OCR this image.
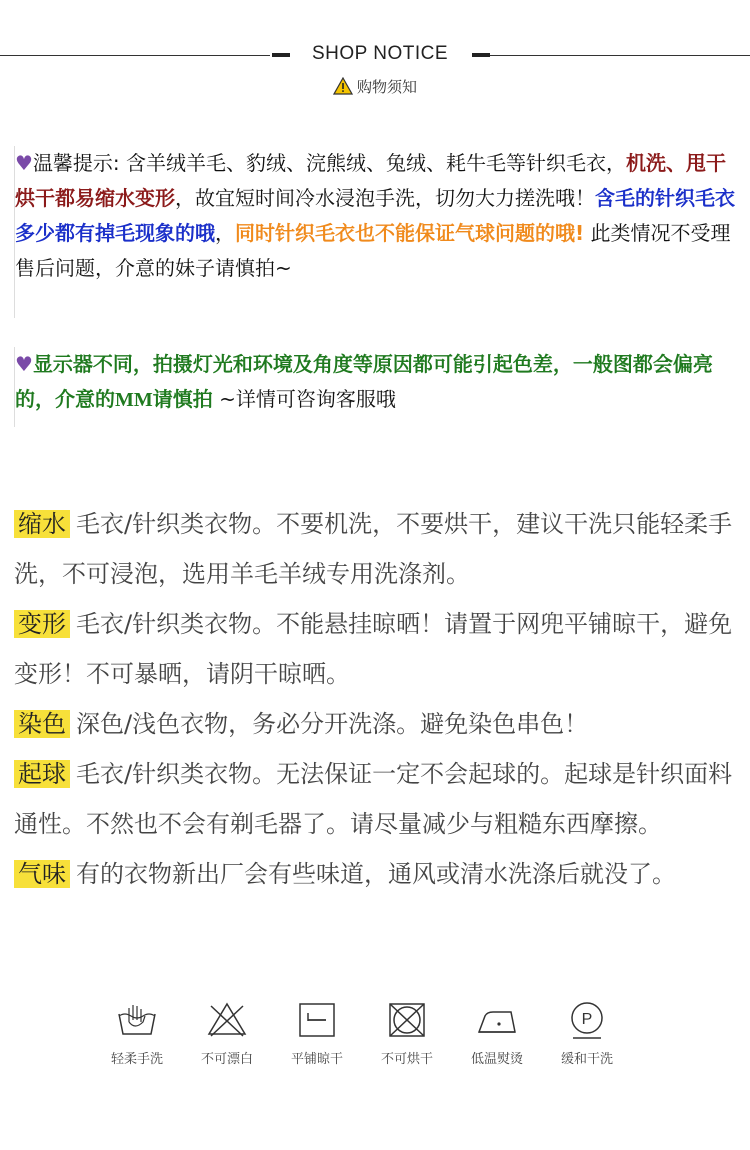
SHOP NOTICE
购物须知
♥温馨提示: 含羊绒羊毛、豹绒、浣熊绒、兔绒、耗牛毛等针织毛衣，机洗、甩干烘干都易缩水变形，故宜短时间冷水浸泡手洗，切勿大力搓洗哦！含毛的针织毛衣多少都有掉毛现象的哦，同时针织毛衣也不能保证气球问题的哦! 此类情况不受理售后问题，介意的妹子请慎拍~
♥显示器不同，拍摄灯光和环境及角度等原因都可能引起色差，一般图都会偏亮的，介意的MM请慎拍 ~详情可咨询客服哦
缩水 毛衣/针织类衣物。不要机洗，不要烘干，建议干洗只能轻柔手洗，不可浸泡，选用羊毛羊绒专用洗涤剂。
变形 毛衣/针织类衣物。不能悬挂晾晒！请置于网兜平铺晾干，避免变形！不可暴晒，请阴干晾晒。
染色 深色/浅色衣物，务必分开洗涤。避免染色串色！
起球 毛衣/针织类衣物。无法保证一定不会起球的。起球是针织面料通性。不然也不会有剃毛器了。请尽量减少与粗糙东西摩擦。
气味 有的衣物新出厂会有些味道，通风或清水洗涤后就没了。
轻柔手洗	不可漂白	平铺晾干	不可烘干	低温熨烫
P
缓和干洗
